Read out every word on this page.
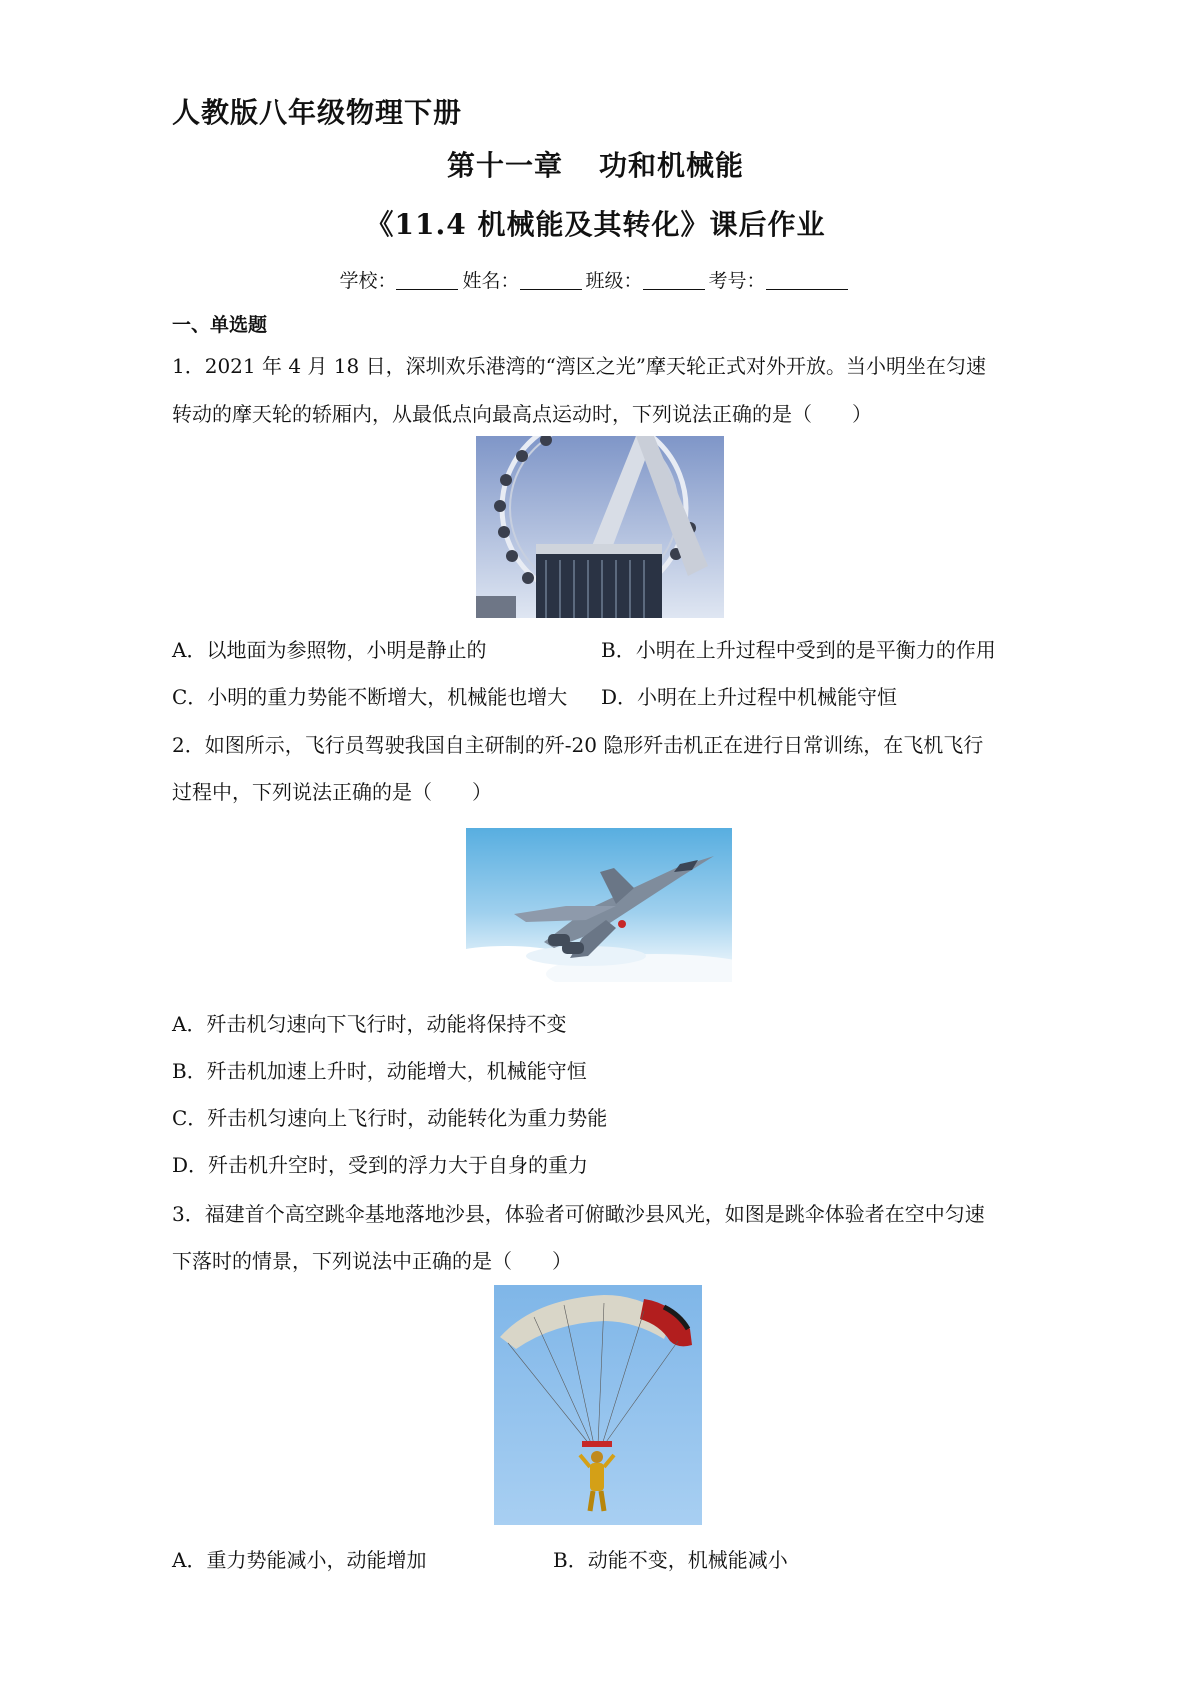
人教版八年级物理下册
第十一章 功和机械能
《11.4 机械能及其转化》课后作业
学校：	姓名：	班级：	考号：
一、单选题
1．2021 年 4 月 18 日，深圳欢乐港湾的“湾区之光”摩天轮正式对外开放。当小明坐在匀速
转动的摩天轮的轿厢内，从最低点向最高点运动时，下列说法正确的是（　　）
A．以地面为参照物，小明是静止的	B．小明在上升过程中受到的是平衡力的作用
C．小明的重力势能不断增大，机械能也增大 D．小明在上升过程中机械能守恒
2．如图所示，飞行员驾驶我国自主研制的歼-20 隐形歼击机正在进行日常训练，在飞机飞行
过程中，下列说法正确的是（　　）
A．歼击机匀速向下飞行时，动能将保持不变
B．歼击机加速上升时，动能增大，机械能守恒
C．歼击机匀速向上飞行时，动能转化为重力势能
D．歼击机升空时，受到的浮力大于自身的重力
3．福建首个高空跳伞基地落地沙县，体验者可俯瞰沙县风光，如图是跳伞体验者在空中匀速
下落时的情景，下列说法中正确的是（　　）
A．重力势能减小，动能增加	B．动能不变，机械能减小
